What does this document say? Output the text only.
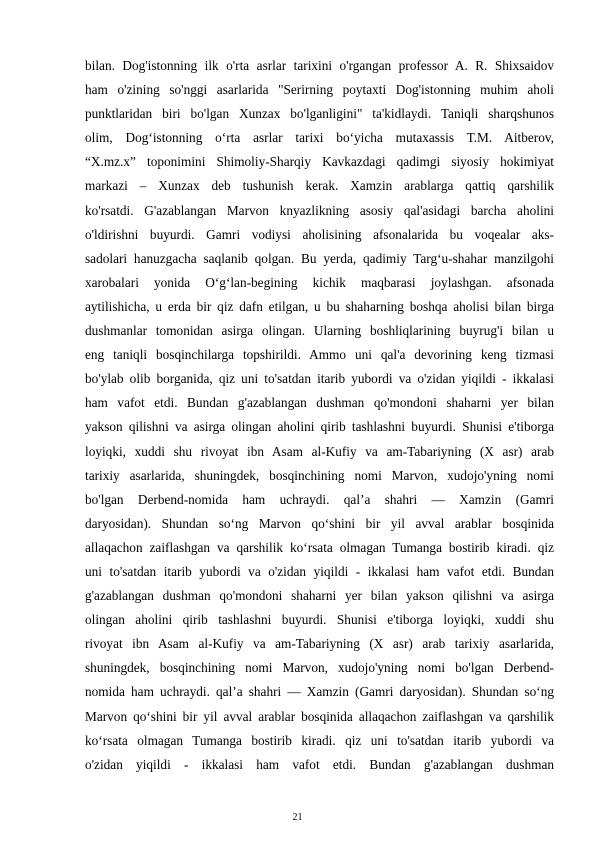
bilan. Dog'istonning ilk o'rta asrlar tarixini o'rgangan professor A. R. Shixsaidov
ham o'zining so'nggi asarlarida "Serirning poytaxti Dog'istonning muhim aholi
punktlaridan biri bo'lgan Xunzax bo'lganligini" ta'kidlaydi. Taniqli sharqshunos
olim, Dog‘istonning o‘rta asrlar tarixi bo‘yicha mutaxassis T.M. Aitberov,
“X.mz.x” toponimini Shimoliy-Sharqiy Kavkazdagi qadimgi siyosiy hokimiyat
markazi – Xunzax deb tushunish kerak. Xamzin arablarga qattiq qarshilik
ko'rsatdi. G'azablangan Marvon knyazlikning asosiy qal'asidagi barcha aholini
o'ldirishni buyurdi. Gamri vodiysi aholisining afsonalarida bu voqealar aks-
sadolari hanuzgacha saqlanib qolgan. Bu yerda, qadimiy Targ‘u-shahar manzilgohi
xarobalari yonida O‘g‘lan-begining kichik maqbarasi joylashgan. afsonada
aytilishicha, u erda bir qiz dafn etilgan, u bu shaharning boshqa aholisi bilan birga
dushmanlar tomonidan asirga olingan. Ularning boshliqlarining buyrug'i bilan u
eng taniqli bosqinchilarga topshirildi. Ammo uni qal'a devorining keng tizmasi
bo'ylab olib borganida, qiz uni to'satdan itarib yubordi va o'zidan yiqildi - ikkalasi
ham vafot etdi. Bundan g'azablangan dushman qo'mondoni shaharni yer bilan
yakson qilishni va asirga olingan aholini qirib tashlashni buyurdi. Shunisi e'tiborga
loyiqki, xuddi shu rivoyat ibn Asam al-Kufiy va am-Tabariyning (X asr) arab
tarixiy asarlarida, shuningdek, bosqinchining nomi Marvon, xudojo'yning nomi
bo'lgan Derbend-nomida ham uchraydi. qal’a shahri — Xamzin (Gamri
daryosidan). Shundan so‘ng Marvon qo‘shini bir yil avval arablar bosqinida
allaqachon zaiflashgan va qarshilik ko‘rsata olmagan Tumanga bostirib kiradi. qiz
uni to'satdan itarib yubordi va o'zidan yiqildi - ikkalasi ham vafot etdi. Bundan
g'azablangan dushman qo'mondoni shaharni yer bilan yakson qilishni va asirga
olingan aholini qirib tashlashni buyurdi. Shunisi e'tiborga loyiqki, xuddi shu
rivoyat ibn Asam al-Kufiy va am-Tabariyning (X asr) arab tarixiy asarlarida,
shuningdek, bosqinchining nomi Marvon, xudojo'yning nomi bo'lgan Derbend-
nomida ham uchraydi. qal’a shahri — Xamzin (Gamri daryosidan). Shundan so‘ng
Marvon qo‘shini bir yil avval arablar bosqinida allaqachon zaiflashgan va qarshilik
ko‘rsata olmagan Tumanga bostirib kiradi. qiz uni to'satdan itarib yubordi va
o'zidan yiqildi - ikkalasi ham vafot etdi. Bundan g'azablangan dushman
21
